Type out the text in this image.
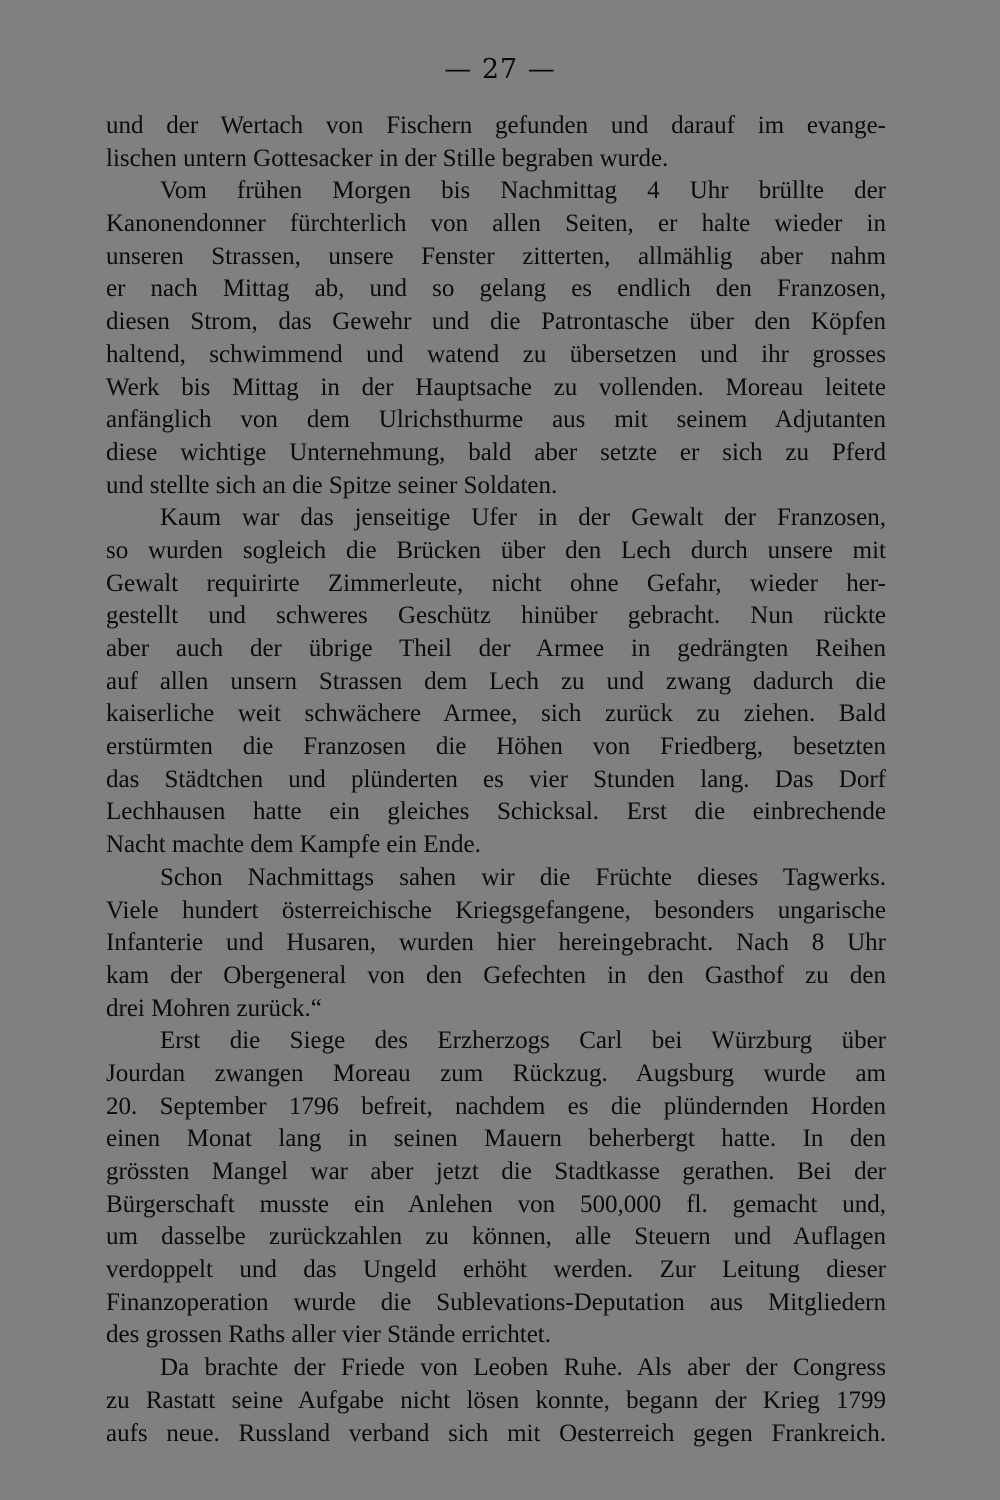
— 27 —
und der Wertach von Fischern gefunden und darauf im evange-
lischen untern Gottesacker in der Stille begraben wurde.
Vom frühen Morgen bis Nachmittag 4 Uhr brüllte der
Kanonendonner fürchterlich von allen Seiten, er halte wieder in
unseren Strassen, unsere Fenster zitterten, allmählig aber nahm
er nach Mittag ab, und so gelang es endlich den Franzosen,
diesen Strom, das Gewehr und die Patrontasche über den Köpfen
haltend, schwimmend und watend zu übersetzen und ihr grosses
Werk bis Mittag in der Hauptsache zu vollenden. Moreau leitete
anfänglich von dem Ulrichsthurme aus mit seinem Adjutanten
diese wichtige Unternehmung, bald aber setzte er sich zu Pferd
und stellte sich an die Spitze seiner Soldaten.
Kaum war das jenseitige Ufer in der Gewalt der Franzosen,
so wurden sogleich die Brücken über den Lech durch unsere mit
Gewalt requirirte Zimmerleute, nicht ohne Gefahr, wieder her-
gestellt und schweres Geschütz hinüber gebracht. Nun rückte
aber auch der übrige Theil der Armee in gedrängten Reihen
auf allen unsern Strassen dem Lech zu und zwang dadurch die
kaiserliche weit schwächere Armee, sich zurück zu ziehen. Bald
erstürmten die Franzosen die Höhen von Friedberg, besetzten
das Städtchen und plünderten es vier Stunden lang. Das Dorf
Lechhausen hatte ein gleiches Schicksal. Erst die einbrechende
Nacht machte dem Kampfe ein Ende.
Schon Nachmittags sahen wir die Früchte dieses Tagwerks.
Viele hundert österreichische Kriegsgefangene, besonders ungarische
Infanterie und Husaren, wurden hier hereingebracht. Nach 8 Uhr
kam der Obergeneral von den Gefechten in den Gasthof zu den
drei Mohren zurück.“
Erst die Siege des Erzherzogs Carl bei Würzburg über
Jourdan zwangen Moreau zum Rückzug. Augsburg wurde am
20. September 1796 befreit, nachdem es die plündernden Horden
einen Monat lang in seinen Mauern beherbergt hatte. In den
grössten Mangel war aber jetzt die Stadtkasse gerathen. Bei der
Bürgerschaft musste ein Anlehen von 500,000 fl. gemacht und,
um dasselbe zurückzahlen zu können, alle Steuern und Auflagen
verdoppelt und das Ungeld erhöht werden. Zur Leitung dieser
Finanzoperation wurde die Sublevations-Deputation aus Mitgliedern
des grossen Raths aller vier Stände errichtet.
Da brachte der Friede von Leoben Ruhe. Als aber der Congress
zu Rastatt seine Aufgabe nicht lösen konnte, begann der Krieg 1799
aufs neue. Russland verband sich mit Oesterreich gegen Frankreich.
